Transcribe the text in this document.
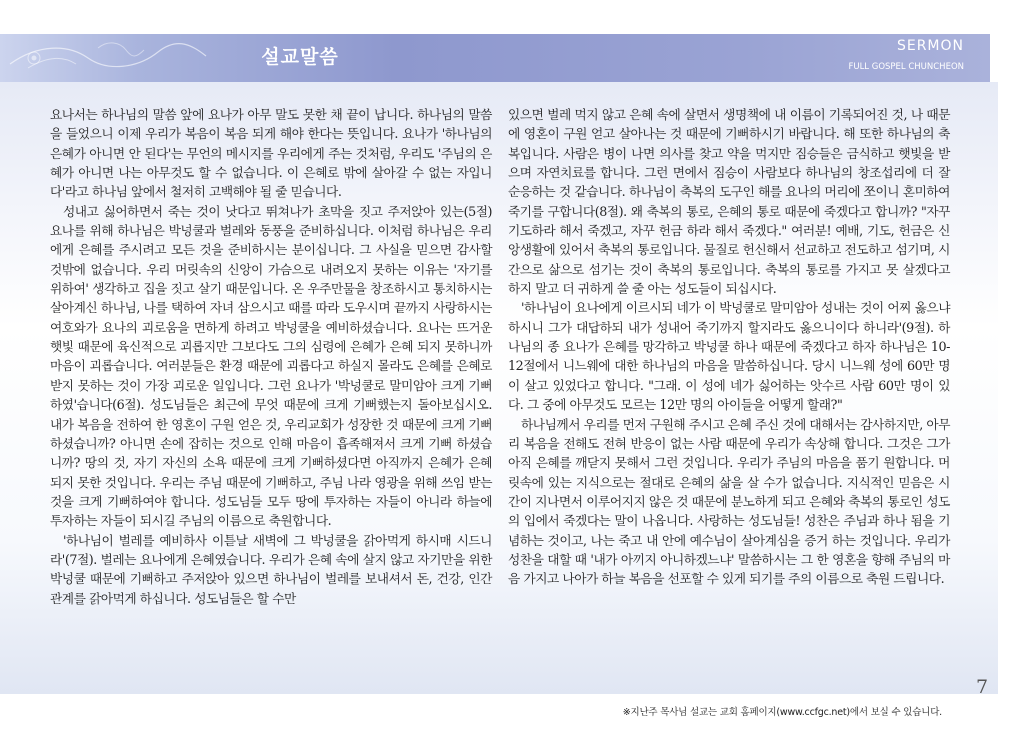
설교말씀	SERMON
FULL GOSPEL CHUNCHEON

요나서는 하나님의 말씀 앞에 요나가 아무 말도 못한 채 끝이 납니다. 하나님의 말씀을 들었으니 이제 우리가 복음이 복음 되게 해야 한다는 뜻입니다. 요나가 '하나님의 은혜가 아니면 안 된다'는 무언의 메시지를 우리에게 주는 것처럼, 우리도 '주님의 은혜가 아니면 나는 아무것도 할 수 없습니다. 이 은혜로 밖에 살아갈 수 없는 자입니다'라고 하나님 앞에서 철저히 고백해야 될 줄 믿습니다.

성내고 싫어하면서 죽는 것이 낫다고 뛰쳐나가 초막을 짓고 주저앉아 있는(5절) 요나를 위해 하나님은 박넝쿨과 벌레와 동풍을 준비하십니다. 이처럼 하나님은 우리에게 은혜를 주시려고 모든 것을 준비하시는 분이십니다. 그 사실을 믿으면 감사할 것밖에 없습니다. 우리 머릿속의 신앙이 가슴으로 내려오지 못하는 이유는 '자기를 위하여' 생각하고 집을 짓고 살기 때문입니다. 온 우주만물을 창조하시고 통치하시는 살아계신 하나님, 나를 택하여 자녀 삼으시고 때를 따라 도우시며 끝까지 사랑하시는 여호와가 요나의 괴로움을 면하게 하려고 박넝쿨을 예비하셨습니다. 요나는 뜨거운 햇빛 때문에 육신적으로 괴롭지만 그보다도 그의 심령에 은혜가 은혜 되지 못하니까 마음이 괴롭습니다. 여러분들은 환경 때문에 괴롭다고 하실지 몰라도 은혜를 은혜로 받지 못하는 것이 가장 괴로운 일입니다. 그런 요나가 '박넝쿨로 말미암아 크게 기뻐하였'습니다(6절). 성도님들은 최근에 무엇 때문에 크게 기뻐했는지 돌아보십시오. 내가 복음을 전하여 한 영혼이 구원 얻은 것, 우리교회가 성장한 것 때문에 크게 기뻐하셨습니까? 아니면 손에 잡히는 것으로 인해 마음이 흡족해져서 크게 기뻐 하셨습니까? 땅의 것, 자기 자신의 소욕 때문에 크게 기뻐하셨다면 아직까지 은혜가 은혜 되지 못한 것입니다. 우리는 주님 때문에 기뻐하고, 주님 나라 영광을 위해 쓰임 받는 것을 크게 기뻐하여야 합니다. 성도님들 모두 땅에 투자하는 자들이 아니라 하늘에 투자하는 자들이 되시길 주님의 이름으로 축원합니다.

'하나님이 벌레를 예비하사 이튿날 새벽에 그 박넝쿨을 갉아먹게 하시매 시드니라'(7절). 벌레는 요나에게 은혜였습니다. 우리가 은혜 속에 살지 않고 자기만을 위한 박넝쿨 때문에 기뻐하고 주저앉아 있으면 하나님이 벌레를 보내셔서 돈, 건강, 인간관계를 갉아먹게 하십니다. 성도님들은 할 수만

있으면 벌레 먹지 않고 은혜 속에 살면서 생명책에 내 이름이 기록되어진 것, 나 때문에 영혼이 구원 얻고 살아나는 것 때문에 기뻐하시기 바랍니다. 해 또한 하나님의 축복입니다. 사람은 병이 나면 의사를 찾고 약을 먹지만 짐승들은 금식하고 햇빛을 받으며 자연치료를 합니다. 그런 면에서 짐승이 사람보다 하나님의 창조섭리에 더 잘 순응하는 것 같습니다. 하나님이 축복의 도구인 해를 요나의 머리에 쪼이니 혼미하여 죽기를 구합니다(8절). 왜 축복의 통로, 은혜의 통로 때문에 죽겠다고 합니까? "자꾸 기도하라 해서 죽겠고, 자꾸 헌금 하라 해서 죽겠다." 여러분! 예배, 기도, 헌금은 신앙생활에 있어서 축복의 통로입니다. 물질로 헌신해서 선교하고 전도하고 섬기며, 시간으로 삶으로 섬기는 것이 축복의 통로입니다. 축복의 통로를 가지고 못 살겠다고 하지 말고 더 귀하게 쓸 줄 아는 성도들이 되십시다.

'하나님이 요나에게 이르시되 네가 이 박넝쿨로 말미암아 성내는 것이 어찌 옳으냐 하시니 그가 대답하되 내가 성내어 죽기까지 할지라도 옳으니이다 하니라'(9절). 하나님의 종 요나가 은혜를 망각하고 박넝쿨 하나 때문에 죽겠다고 하자 하나님은 10-12절에서 니느웨에 대한 하나님의 마음을 말씀하십니다. 당시 니느웨 성에 60만 명이 살고 있었다고 합니다. "그래. 이 성에 네가 싫어하는 앗수르 사람 60만 명이 있다. 그 중에 아무것도 모르는 12만 명의 아이들을 어떻게 할래?"

하나님께서 우리를 먼저 구원해 주시고 은혜 주신 것에 대해서는 감사하지만, 아무리 복음을 전해도 전혀 반응이 없는 사람 때문에 우리가 속상해 합니다. 그것은 그가 아직 은혜를 깨닫지 못해서 그런 것입니다. 우리가 주님의 마음을 품기 원합니다. 머릿속에 있는 지식으로는 절대로 은혜의 삶을 살 수가 없습니다. 지식적인 믿음은 시간이 지나면서 이루어지지 않은 것 때문에 분노하게 되고 은혜와 축복의 통로인 성도의 입에서 죽겠다는 말이 나옵니다. 사랑하는 성도님들! 성찬은 주님과 하나 됨을 기념하는 것이고, 나는 죽고 내 안에 예수님이 살아계심을 증거 하는 것입니다. 우리가 성찬을 대할 때 '내가 아끼지 아니하겠느냐' 말씀하시는 그 한 영혼을 향해 주님의 마음 가지고 나아가 하늘 복음을 선포할 수 있게 되기를 주의 이름으로 축원 드립니다.

7
※지난주 목사님 설교는 교회 홈페이지(www.ccfgc.net)에서 보실 수 있습니다.
